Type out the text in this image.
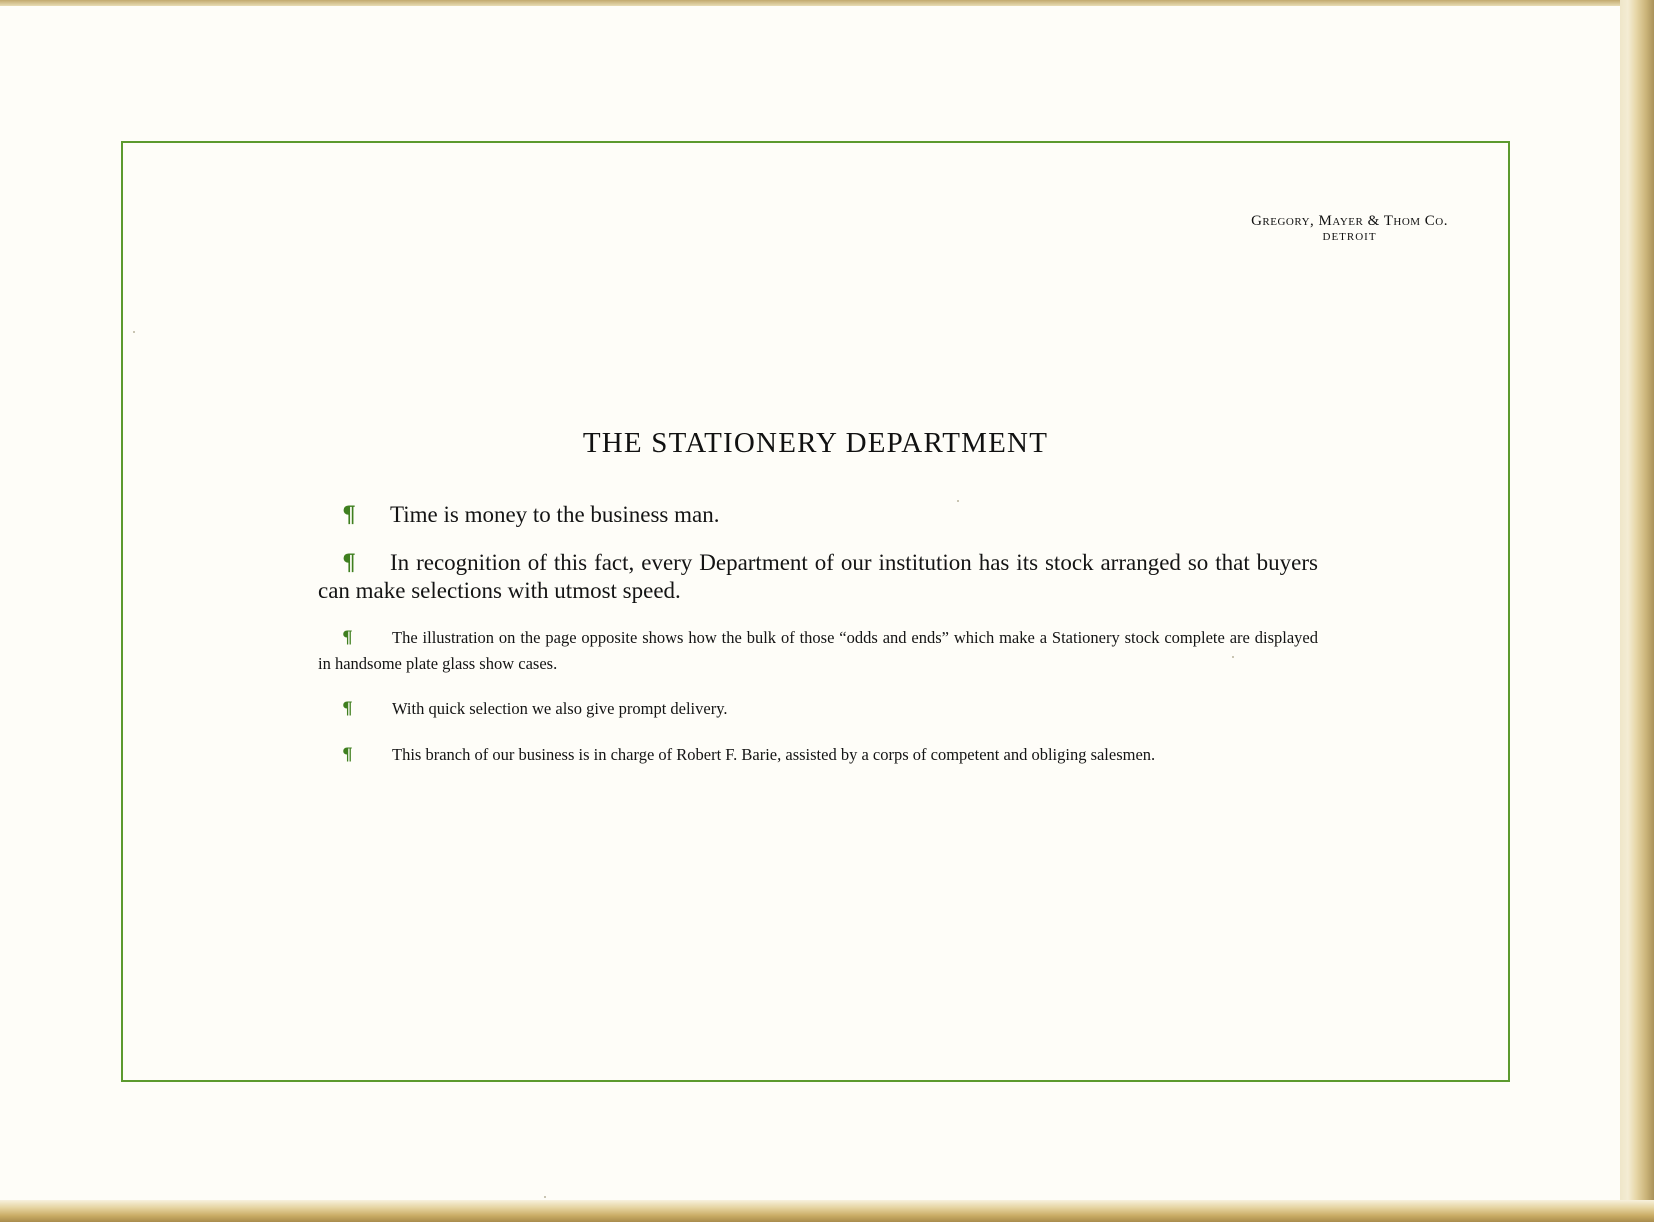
Gregory, Mayer & Thom Co.
DETROIT
THE STATIONERY DEPARTMENT

¶ Time is money to the business man.

¶ In recognition of this fact, every Department of our institution has its stock arranged so that buyers can make selections with utmost speed.

¶ The illustration on the page opposite shows how the bulk of those “odds and ends” which make a Stationery stock complete are displayed in handsome plate glass show cases.

¶ With quick selection we also give prompt delivery.

¶ This branch of our business is in charge of Robert F. Barie, assisted by a corps of competent and obliging salesmen.
